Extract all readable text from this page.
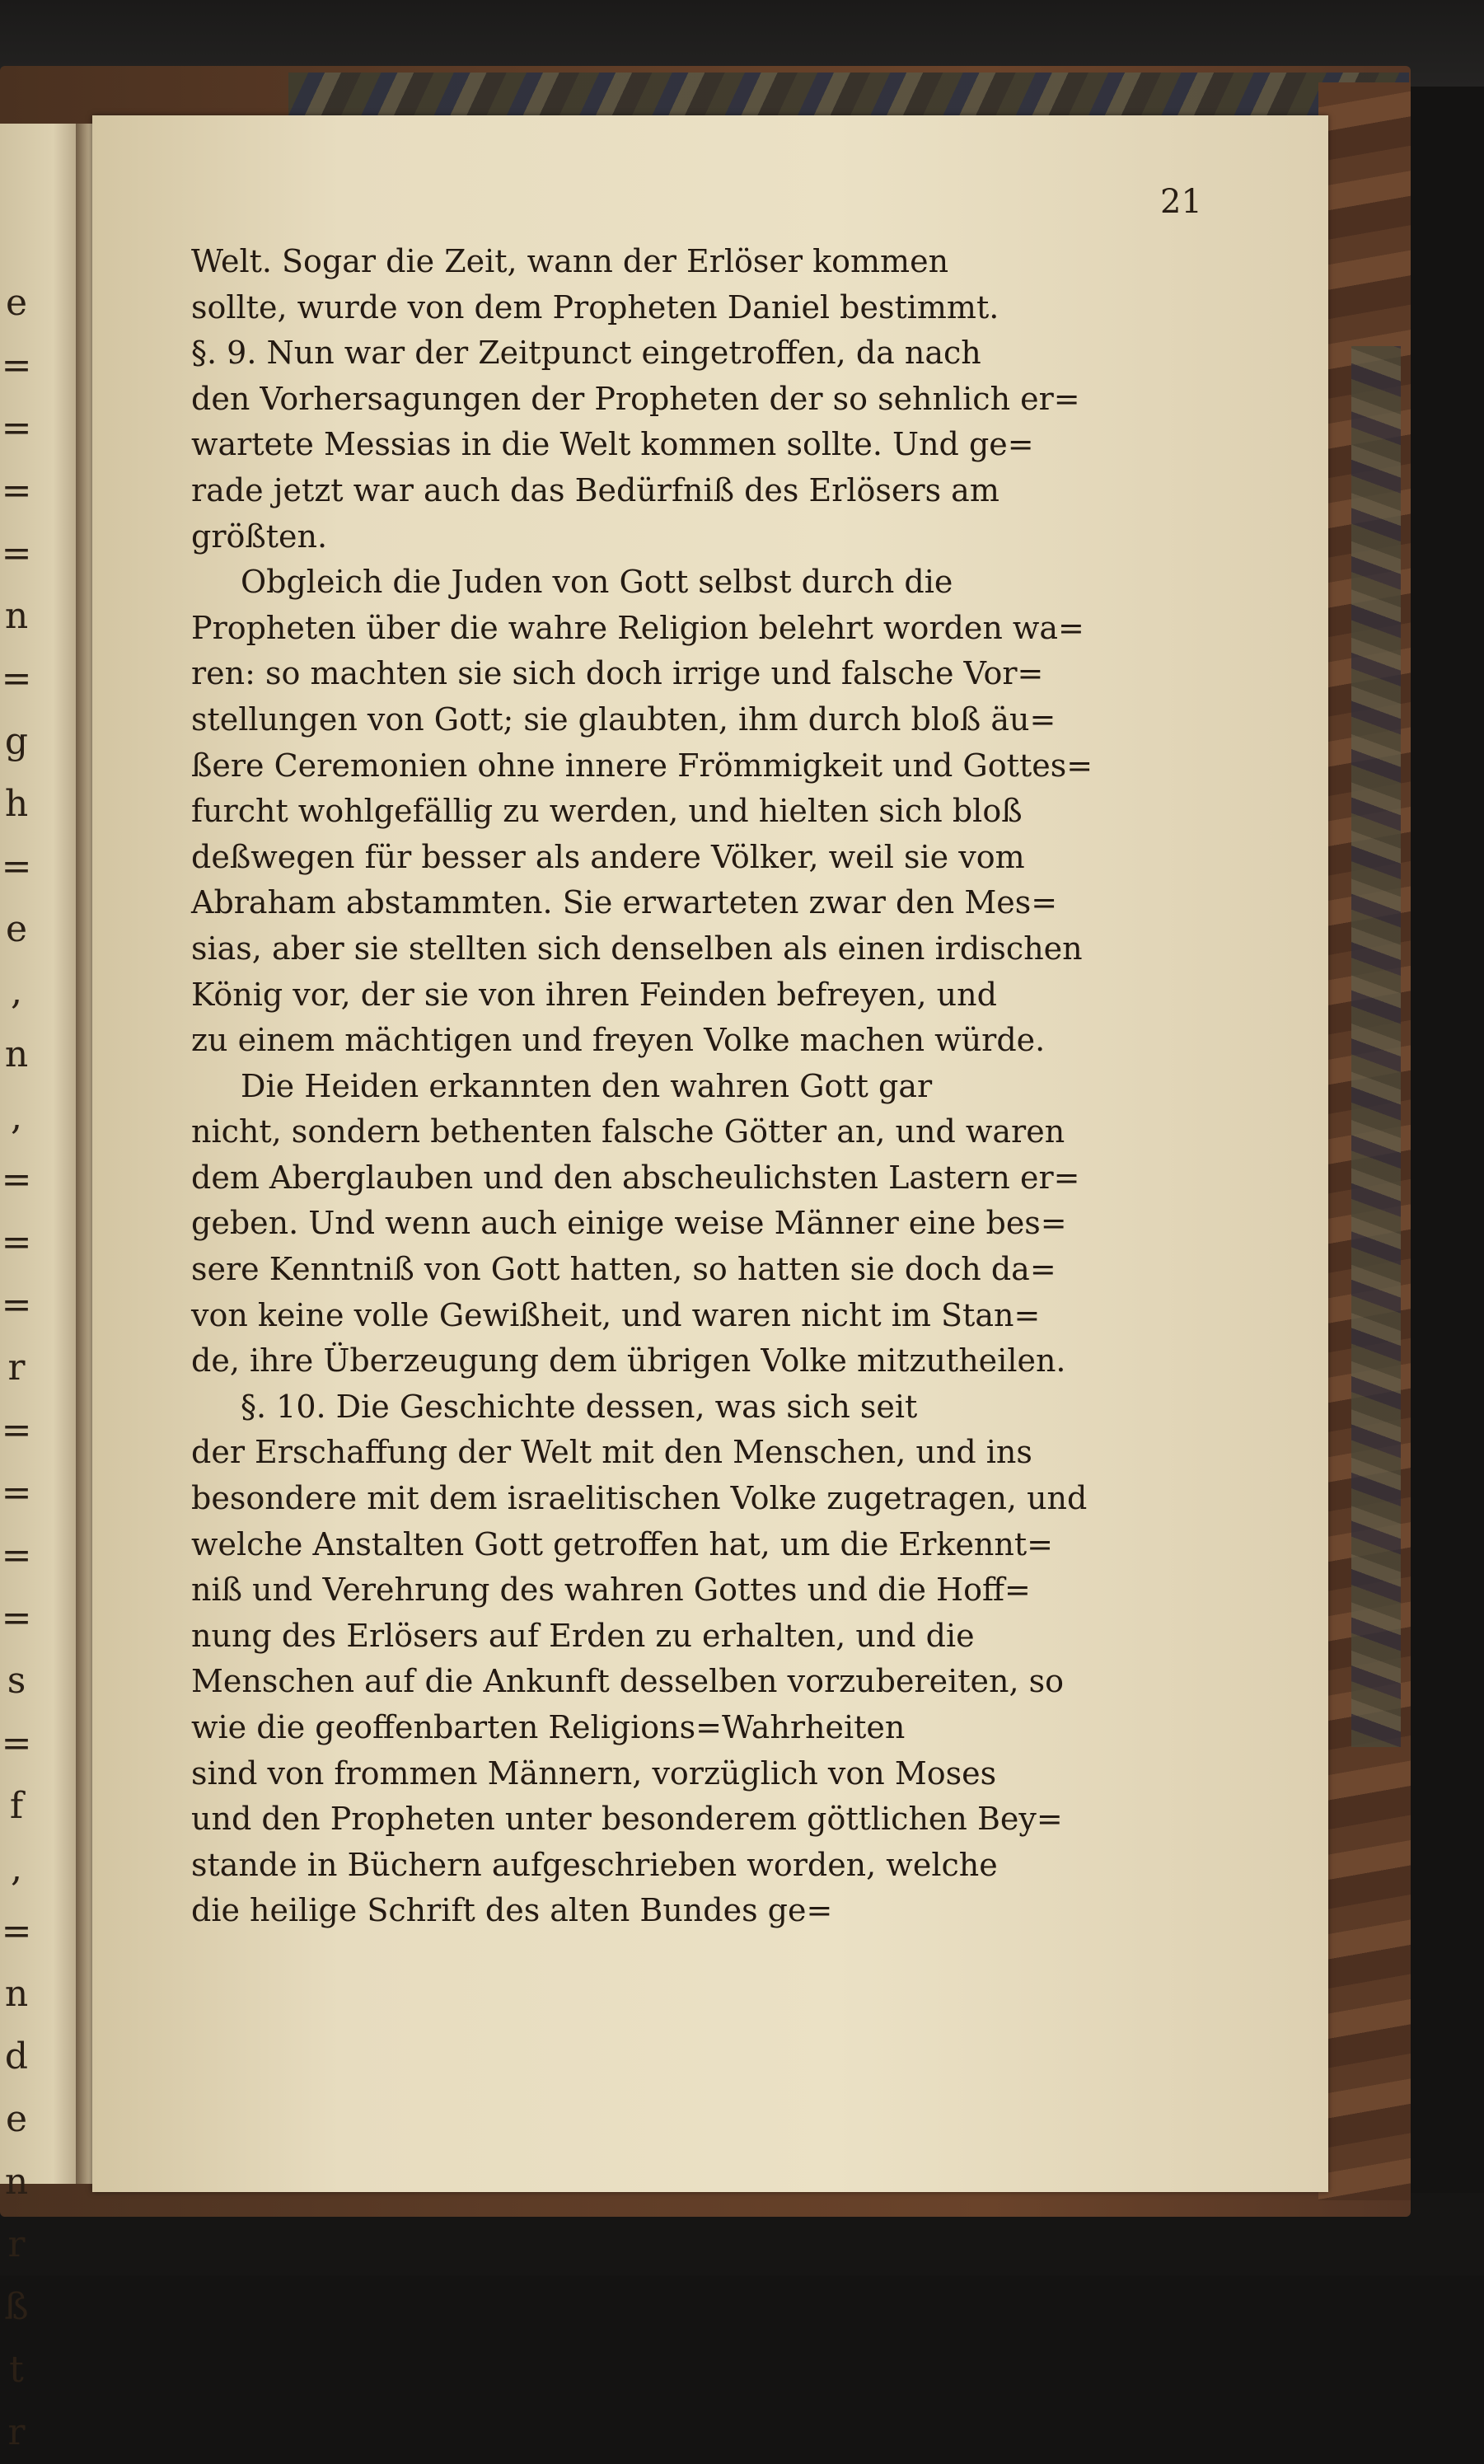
e
=
=
=
=
n
=
g
h
=
e
,
n
,
=
=
=
r
=
=
=
=
s
=
f
,
=
n
d
e
n
r
ß
t
r
21
Welt. Sogar die Zeit, wann der Erlöser kommen
sollte, wurde von dem Propheten Daniel bestimmt.
§. 9. Nun war der Zeitpunct eingetroffen, da nach
den Vorhersagungen der Propheten der so sehnlich er=
wartete Messias in die Welt kommen sollte. Und ge=
rade jetzt war auch das Bedürfniß des Erlösers am
größten.
Obgleich die Juden von Gott selbst durch die
Propheten über die wahre Religion belehrt worden wa=
ren: so machten sie sich doch irrige und falsche Vor=
stellungen von Gott; sie glaubten, ihm durch bloß äu=
ßere Ceremonien ohne innere Frömmigkeit und Gottes=
furcht wohlgefällig zu werden, und hielten sich bloß
deßwegen für besser als andere Völker, weil sie vom
Abraham abstammten. Sie erwarteten zwar den Mes=
sias, aber sie stellten sich denselben als einen irdischen
König vor, der sie von ihren Feinden befreyen, und
zu einem mächtigen und freyen Volke machen würde.
Die Heiden erkannten den wahren Gott gar
nicht, sondern bethenten falsche Götter an, und waren
dem Aberglauben und den abscheulichsten Lastern er=
geben. Und wenn auch einige weise Männer eine bes=
sere Kenntniß von Gott hatten, so hatten sie doch da=
von keine volle Gewißheit, und waren nicht im Stan=
de, ihre Überzeugung dem übrigen Volke mitzutheilen.
§. 10. Die Geschichte dessen, was sich seit
der Erschaffung der Welt mit den Menschen, und ins
besondere mit dem israelitischen Volke zugetragen, und
welche Anstalten Gott getroffen hat, um die Erkennt=
niß und Verehrung des wahren Gottes und die Hoff=
nung des Erlösers auf Erden zu erhalten, und die
Menschen auf die Ankunft desselben vorzubereiten, so
wie die geoffenbarten Religions=Wahrheiten
sind von frommen Männern, vorzüglich von Moses
und den Propheten unter besonderem göttlichen Bey=
stande in Büchern aufgeschrieben worden, welche
die heilige Schrift des alten Bundes ge=
